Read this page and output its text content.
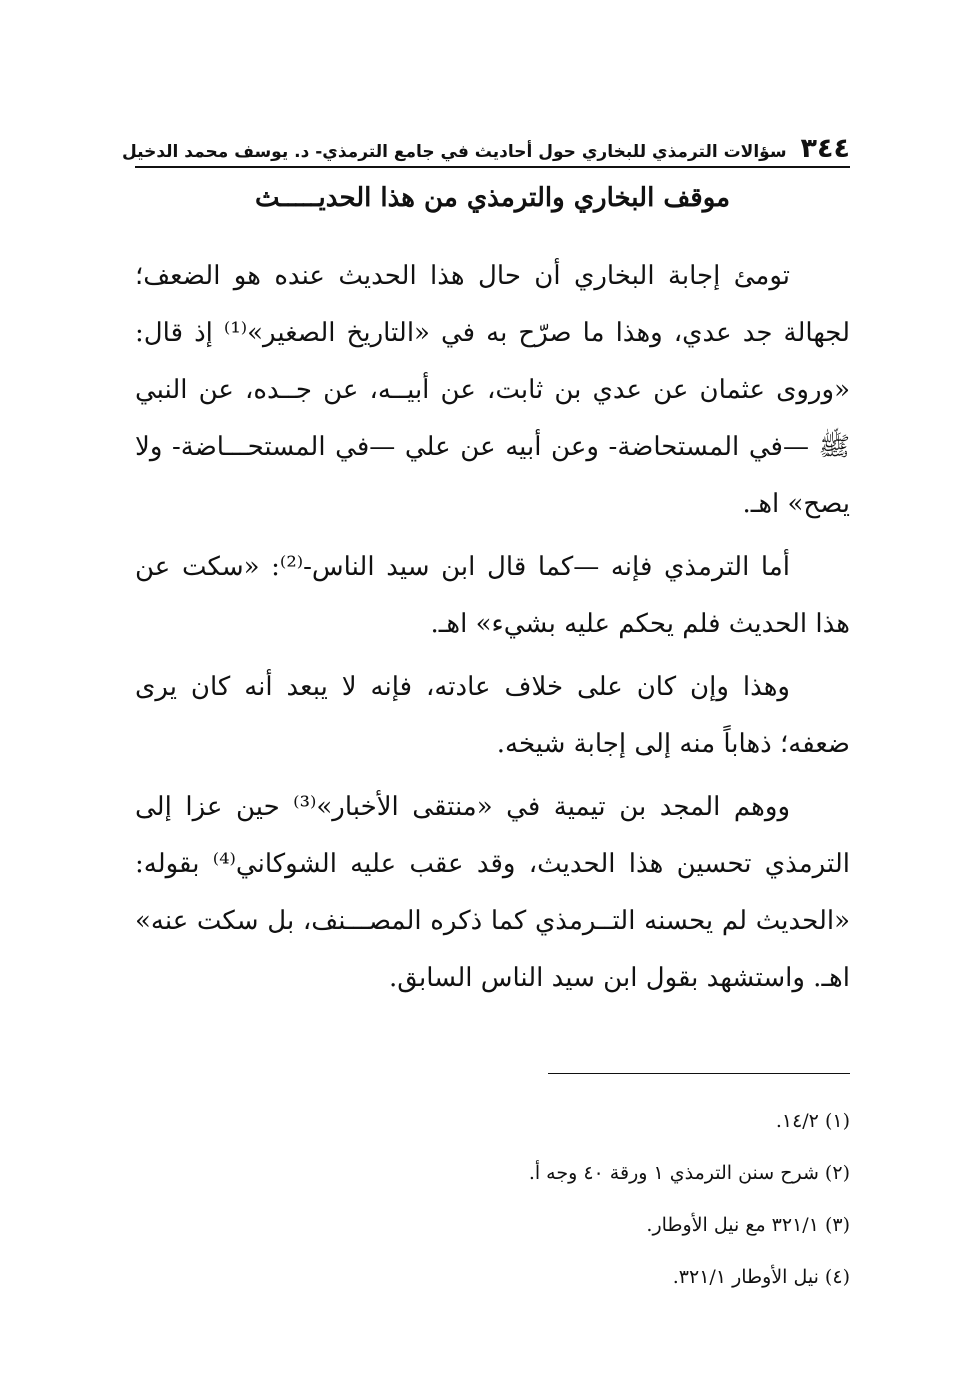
٣٤٤
سؤالات الترمذي للبخاري حول أحاديث في جامع الترمذي- د. يوسف محمد الدخيل
موقف البخاري والترمذي من هذا الحديـــــث

تومئ إجابة البخاري أن حال هذا الحديث عنده هو الضعف؛ لجهالة جد عدي، وهذا ما صرّح به في «التاريخ الصغير»⁽¹⁾ إذ قال: «وروى عثمان عن عدي بن ثابت، عن أبيــه، عن جــده، عن النبي ﷺ —في المستحاضة- وعن أبيه عن علي —في المستحـــاضة- ولا يصح» اهـ.

أما الترمذي فإنه —كما قال ابن سيد الناس-⁽²⁾: «سكت عن هذا الحديث فلم يحكم عليه بشيء» اهـ.

وهذا وإن كان على خلاف عادته، فإنه لا يبعد أنه كان يرى ضعفه؛ ذهاباً منه إلى إجابة شيخه.

ووهم المجد بن تيمية في «منتقى الأخبار»⁽³⁾ حين عزا إلى الترمذي تحسين هذا الحديث، وقد عقب عليه الشوكاني⁽⁴⁾ بقوله: «الحديث لم يحسنه التــرمذي كما ذكره المصـــنف، بل سكت عنه» اهـ. واستشهد بقول ابن سيد الناس السابق.

(١) ١٤/٢.

(٢) شرح سنن الترمذي ١ ورقة ٤٠ وجه أ.

(٣) ٣٢١/١ مع نيل الأوطار.

(٤) نيل الأوطار ٣٢١/١.
